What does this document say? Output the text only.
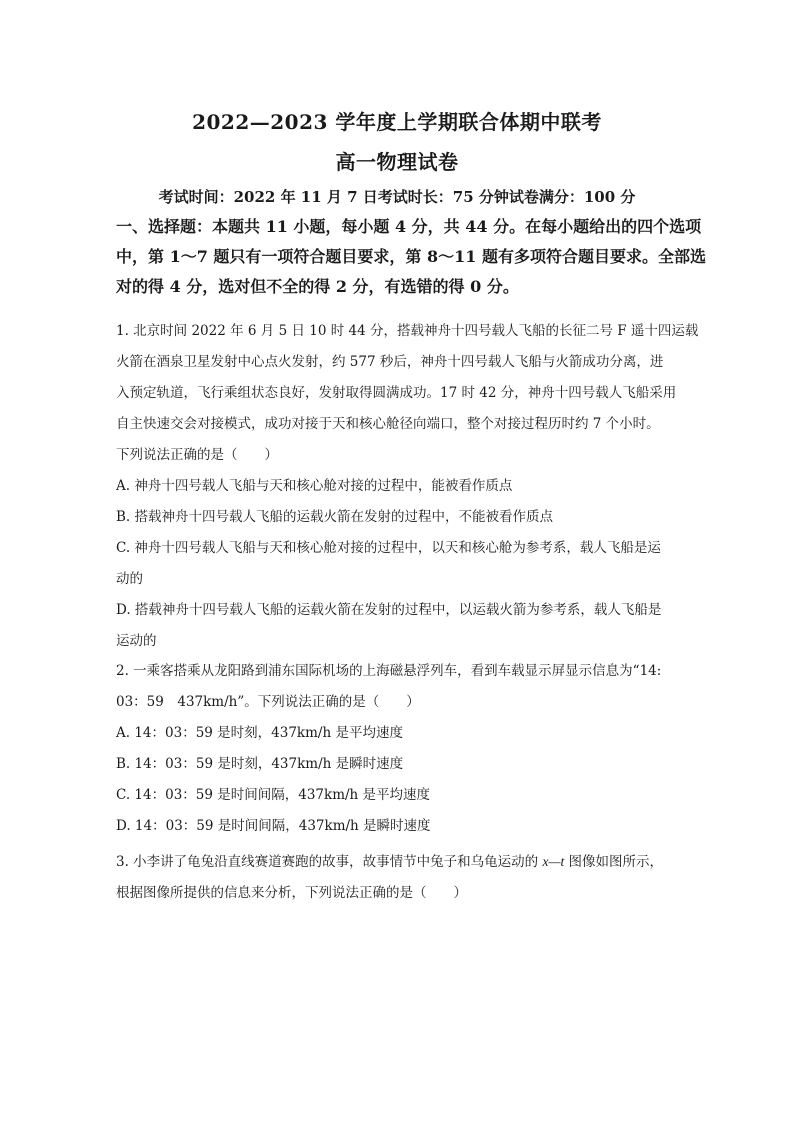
2022—2023 学年度上学期联合体期中联考
高一物理试卷
考试时间：2022 年 11 月 7 日考试时长：75 分钟试卷满分：100 分
一、选择题：本题共 11 小题，每小题 4 分，共 44 分。在每小题给出的四个选项
中，第 1～7 题只有一项符合题目要求，第 8～11 题有多项符合题目要求。全部选
对的得 4 分，选对但不全的得 2 分，有选错的得 0 分。
1. 北京时间 2022 年 6 月 5 日 10 时 44 分，搭载神舟十四号载人飞船的长征二号 F 遥十四运载
火箭在酒泉卫星发射中心点火发射，约 577 秒后，神舟十四号载人飞船与火箭成功分离，进
入预定轨道，飞行乘组状态良好，发射取得圆满成功。17 时 42 分，神舟十四号载人飞船采用
自主快速交会对接模式，成功对接于天和核心舱径向端口，整个对接过程历时约 7 个小时。
下列说法正确的是（　　）
A. 神舟十四号载人飞船与天和核心舱对接的过程中，能被看作质点
B. 搭载神舟十四号载人飞船的运载火箭在发射的过程中，不能被看作质点
C. 神舟十四号载人飞船与天和核心舱对接的过程中，以天和核心舱为参考系，载人飞船是运
动的
D. 搭载神舟十四号载人飞船的运载火箭在发射的过程中，以运载火箭为参考系，载人飞船是
运动的
2. 一乘客搭乘从龙阳路到浦东国际机场的上海磁悬浮列车，看到车载显示屏显示信息为“14:
03：59　437km/h”。下列说法正确的是（　　）
A. 14：03：59 是时刻，437km/h 是平均速度
B. 14：03：59 是时刻，437km/h 是瞬时速度
C. 14：03：59 是时间间隔，437km/h 是平均速度
D. 14：03：59 是时间间隔，437km/h 是瞬时速度
3. 小李讲了龟兔沿直线赛道赛跑的故事，故事情节中兔子和乌龟运动的 x—t 图像如图所示，
根据图像所提供的信息来分析，下列说法正确的是（　　）
